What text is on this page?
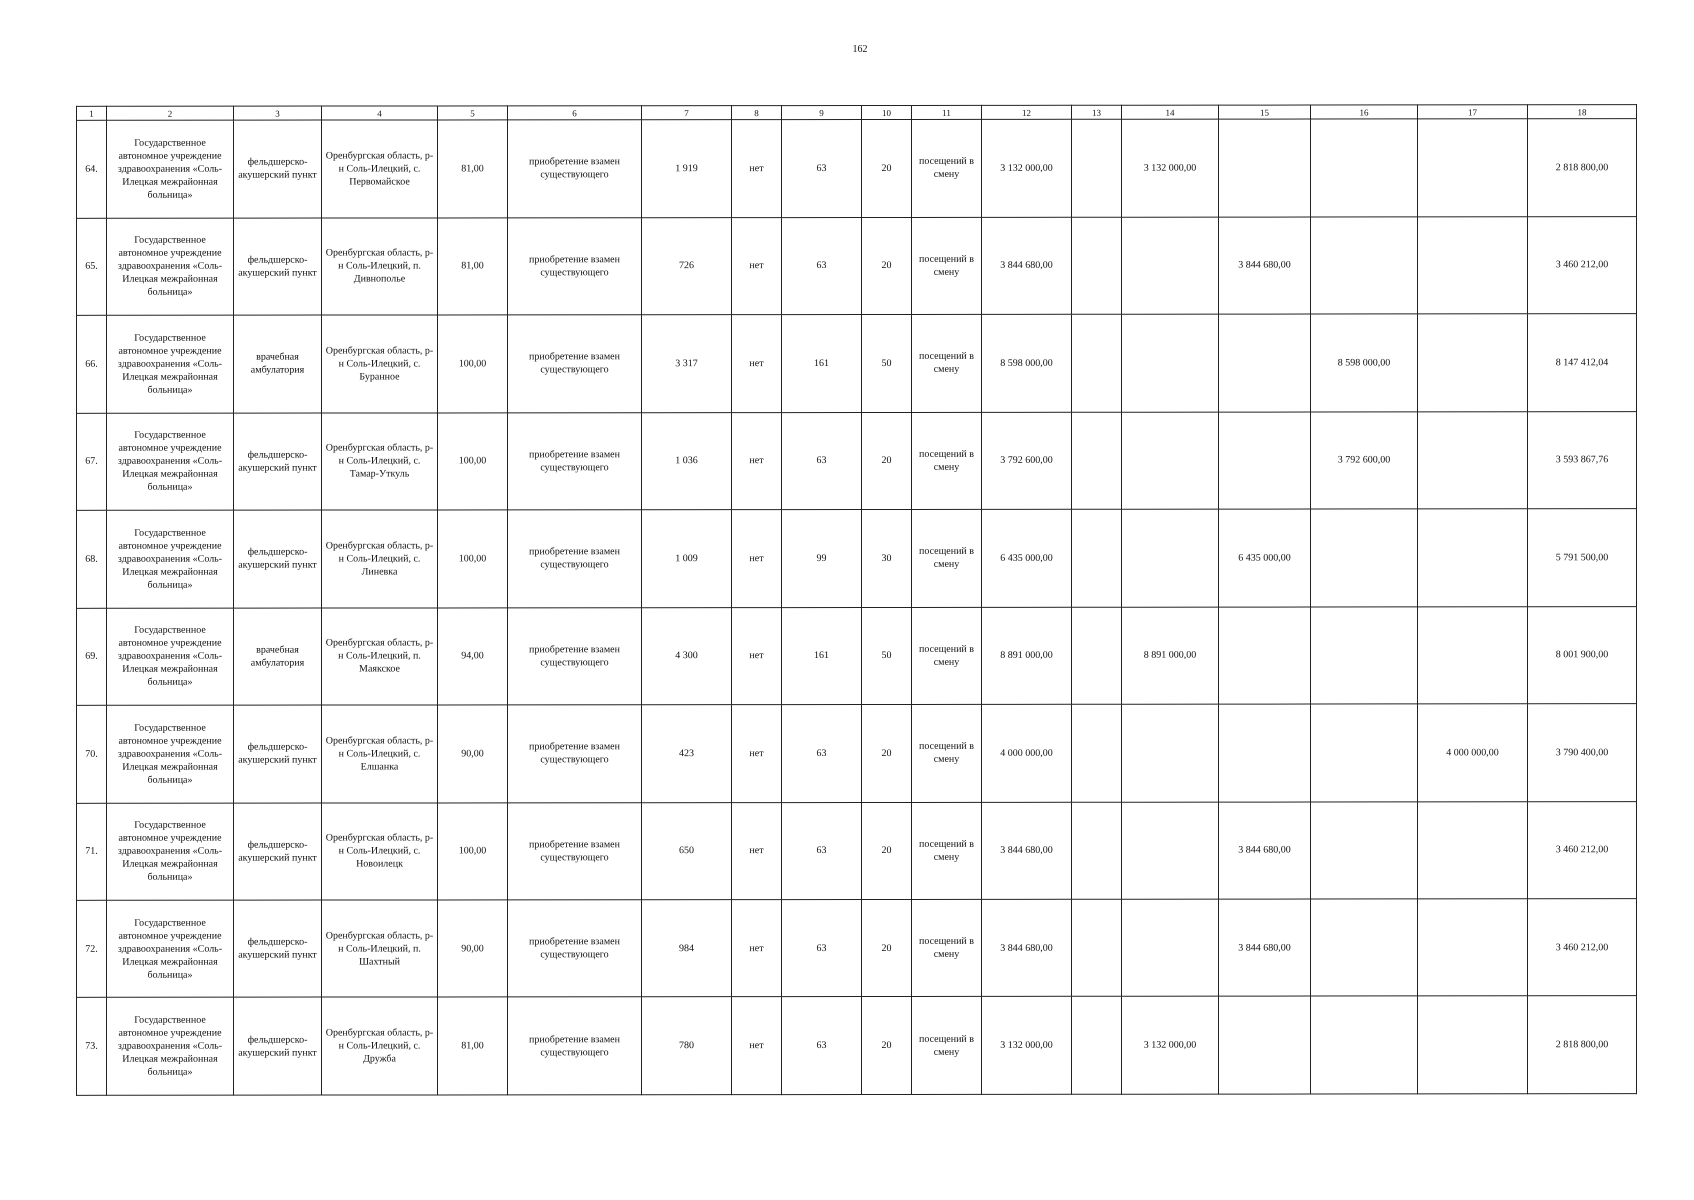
162
1	2	3	4	5	6	7	8	9	10	11	12	13	14	15	16	17	18
64.	Государственное автономное учреждение здравоохранения «Соль-Илецкая межрайонная больница»	фельдшерско-акушерский пункт	Оренбургская область, р-н Соль-Илецкий, с. Первомайское	81,00	приобретение взамен существующего	1 919	нет	63	20	посещений в смену	3 132 000,00		3 132 000,00				2 818 800,00
65.	Государственное автономное учреждение здравоохранения «Соль-Илецкая межрайонная больница»	фельдшерско-акушерский пункт	Оренбургская область, р-н Соль-Илецкий, п. Дивнополье	81,00	приобретение взамен существующего	726	нет	63	20	посещений в смену	3 844 680,00			3 844 680,00			3 460 212,00
66.	Государственное автономное учреждение здравоохранения «Соль-Илецкая межрайонная больница»	врачебная амбулатория	Оренбургская область, р-н Соль-Илецкий, с. Буранное	100,00	приобретение взамен существующего	3 317	нет	161	50	посещений в смену	8 598 000,00				8 598 000,00		8 147 412,04
67.	Государственное автономное учреждение здравоохранения «Соль-Илецкая межрайонная больница»	фельдшерско-акушерский пункт	Оренбургская область, р-н Соль-Илецкий, с. Тамар-Уткуль	100,00	приобретение взамен существующего	1 036	нет	63	20	посещений в смену	3 792 600,00				3 792 600,00		3 593 867,76
68.	Государственное автономное учреждение здравоохранения «Соль-Илецкая межрайонная больница»	фельдшерско-акушерский пункт	Оренбургская область, р-н Соль-Илецкий, с. Линевка	100,00	приобретение взамен существующего	1 009	нет	99	30	посещений в смену	6 435 000,00			6 435 000,00			5 791 500,00
69.	Государственное автономное учреждение здравоохранения «Соль-Илецкая межрайонная больница»	врачебная амбулатория	Оренбургская область, р-н Соль-Илецкий, п. Маякское	94,00	приобретение взамен существующего	4 300	нет	161	50	посещений в смену	8 891 000,00		8 891 000,00				8 001 900,00
70.	Государственное автономное учреждение здравоохранения «Соль-Илецкая межрайонная больница»	фельдшерско-акушерский пункт	Оренбургская область, р-н Соль-Илецкий, с. Елшанка	90,00	приобретение взамен существующего	423	нет	63	20	посещений в смену	4 000 000,00					4 000 000,00	3 790 400,00
71.	Государственное автономное учреждение здравоохранения «Соль-Илецкая межрайонная больница»	фельдшерско-акушерский пункт	Оренбургская область, р-н Соль-Илецкий, с. Новоилецк	100,00	приобретение взамен существующего	650	нет	63	20	посещений в смену	3 844 680,00			3 844 680,00			3 460 212,00
72.	Государственное автономное учреждение здравоохранения «Соль-Илецкая межрайонная больница»	фельдшерско-акушерский пункт	Оренбургская область, р-н Соль-Илецкий, п. Шахтный	90,00	приобретение взамен существующего	984	нет	63	20	посещений в смену	3 844 680,00			3 844 680,00			3 460 212,00
73.	Государственное автономное учреждение здравоохранения «Соль-Илецкая межрайонная больница»	фельдшерско-акушерский пункт	Оренбургская область, р-н Соль-Илецкий, с. Дружба	81,00	приобретение взамен существующего	780	нет	63	20	посещений в смену	3 132 000,00		3 132 000,00				2 818 800,00
